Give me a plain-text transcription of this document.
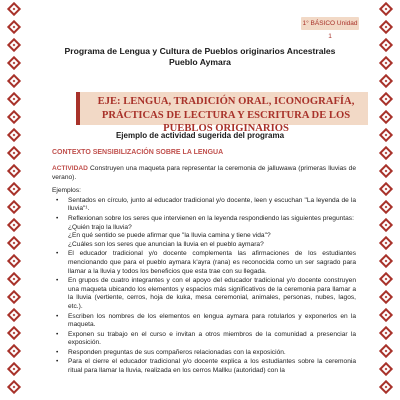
1° BÁSICO Unidad 1
Programa de Lengua y Cultura de Pueblos originarios Ancestrales
Pueblo Aymara
EJE: LENGUA, TRADICIÓN ORAL, ICONOGRAFÍA, PRÁCTICAS DE LECTURA Y ESCRITURA DE LOS PUEBLOS ORIGINARIOS
Ejemplo de actividad sugerida del programa
CONTEXTO SENSIBILIZACIÓN SOBRE LA LENGUA

ACTIVIDAD Construyen una maqueta para representar la ceremonia de jalluwawa (primeras lluvias de verano).

Ejemplos:

• Sentados en círculo, junto al educador tradicional y/o docente, leen y escuchan "La leyenda de la lluvia"¹.
• Reflexionan sobre los seres que intervienen en la leyenda respondiendo las siguientes preguntas:
¿Quién trajo la lluvia?
¿En qué sentido se puede afirmar que "la lluvia camina y tiene vida"?
¿Cuáles son los seres que anuncian la lluvia en el pueblo aymara?
• El educador tradicional y/o docente complementa las afirmaciones de los estudiantes mencionando que para el pueblo aymara k'ayra (rana) es reconocida como un ser sagrado para llamar a la lluvia y todos los beneficios que esta trae con su llegada.
• En grupos de cuatro integrantes y con el apoyo del educador tradicional y/o docente construyen una maqueta ubicando los elementos y espacios más significativos de la ceremonia para llamar a la lluvia (vertiente, cerros, hoja de kuka, mesa ceremonial, animales, personas, nubes, lagos, etc.).
• Escriben los nombres de los elementos en lengua aymara para rotularlos y exponerlos en la maqueta.
• Exponen su trabajo en el curso e invitan a otros miembros de la comunidad a presenciar la exposición.
• Responden preguntas de sus compañeros relacionadas con la exposición.
• Para el cierre el educador tradicional y/o docente explica a los estudiantes sobre la ceremonia ritual para llamar la lluvia, realizada en los cerros Mallku (autoridad) con la
